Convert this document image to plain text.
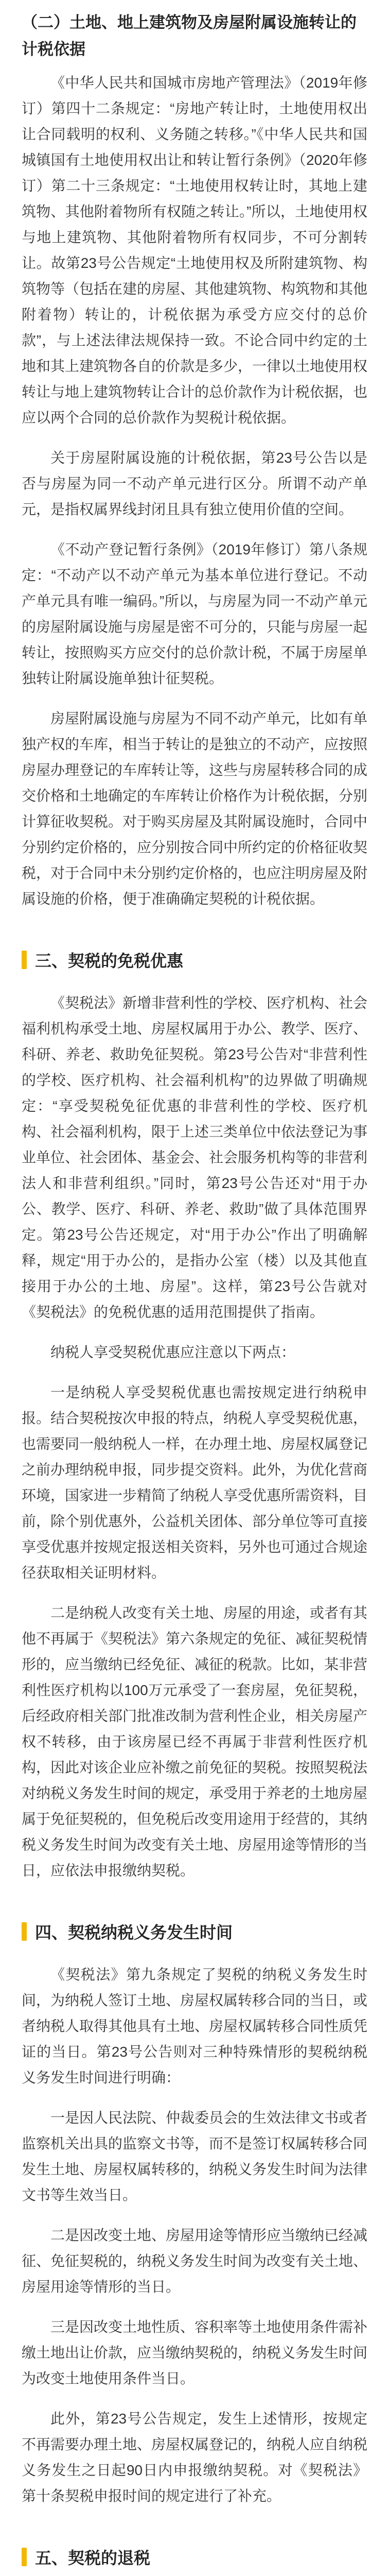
（二）土地、地上建筑物及房屋附属设施转让的计税依据

《中华人民共和国城市房地产管理法》（2019年修订）第四十二条规定：“房地产转让时，土地使用权出让合同载明的权利、义务随之转移。”《中华人民共和国城镇国有土地使用权出让和转让暂行条例》（2020年修订）第二十三条规定：“土地使用权转让时，其地上建筑物、其他附着物所有权随之转让。”所以，土地使用权与地上建筑物、其他附着物所有权同步，不可分割转让。故第23号公告规定“土地使用权及所附建筑物、构筑物等（包括在建的房屋、其他建筑物、构筑物和其他附着物）转让的，计税依据为承受方应交付的总价款”，与上述法律法规保持一致。不论合同中约定的土地和其上建筑物各自的价款是多少，一律以土地使用权转让与地上建筑物转让合计的总价款作为计税依据，也应以两个合同的总价款作为契税计税依据。

关于房屋附属设施的计税依据，第23号公告以是否与房屋为同一不动产单元进行区分。所谓不动产单元，是指权属界线封闭且具有独立使用价值的空间。

《不动产登记暂行条例》（2019年修订）第八条规定：“不动产以不动产单元为基本单位进行登记。不动产单元具有唯一编码。”所以，与房屋为同一不动产单元的房屋附属设施与房屋是密不可分的，只能与房屋一起转让，按照购买方应交付的总价款计税，不属于房屋单独转让附属设施单独计征契税。

房屋附属设施与房屋为不同不动产单元，比如有单独产权的车库，相当于转让的是独立的不动产，应按照房屋办理登记的车库转让等，这些与房屋转移合同的成交价格和土地确定的车库转让价格作为计税依据，分别计算征收契税。对于购买房屋及其附属设施时，合同中分别约定价格的，应分别按合同中所约定的价格征收契税，对于合同中未分别约定价格的，也应注明房屋及附属设施的价格，便于准确确定契税的计税依据。

三、契税的免税优惠

《契税法》新增非营利性的学校、医疗机构、社会福利机构承受土地、房屋权属用于办公、教学、医疗、科研、养老、救助免征契税。第23号公告对“非营利性的学校、医疗机构、社会福利机构”的边界做了明确规定：“享受契税免征优惠的非营利性的学校、医疗机构、社会福利机构，限于上述三类单位中依法登记为事业单位、社会团体、基金会、社会服务机构等的非营利法人和非营利组织。”同时，第23号公告还对“用于办公、教学、医疗、科研、养老、救助”做了具体范围界定。第23号公告还规定，对“用于办公”作出了明确解释，规定“用于办公的，是指办公室（楼）以及其他直接用于办公的土地、房屋”。这样，第23号公告就对《契税法》的免税优惠的适用范围提供了指南。

纳税人享受契税优惠应注意以下两点：

一是纳税人享受契税优惠也需按规定进行纳税申报。结合契税按次申报的特点，纳税人享受契税优惠，也需要同一般纳税人一样，在办理土地、房屋权属登记之前办理纳税申报，同步提交资料。此外，为优化营商环境，国家进一步精简了纳税人享受优惠所需资料，目前，除个别优惠外，公益机关团体、部分单位等可直接享受优惠并按规定报送相关资料，另外也可通过合规途径获取相关证明材料。

二是纳税人改变有关土地、房屋的用途，或者有其他不再属于《契税法》第六条规定的免征、减征契税情形的，应当缴纳已经免征、减征的税款。比如，某非营利性医疗机构以100万元承受了一套房屋，免征契税，后经政府相关部门批准改制为营利性企业，相关房屋产权不转移，由于该房屋已经不再属于非营利性医疗机构，因此对该企业应补缴之前免征的契税。按照契税法对纳税义务发生时间的规定，承受用于养老的土地房屋属于免征契税的，但免税后改变用途用于经营的，其纳税义务发生时间为改变有关土地、房屋用途等情形的当日，应依法申报缴纳契税。

四、契税纳税义务发生时间

《契税法》第九条规定了契税的纳税义务发生时间，为纳税人签订土地、房屋权属转移合同的当日，或者纳税人取得其他具有土地、房屋权属转移合同性质凭证的当日。第23号公告则对三种特殊情形的契税纳税义务发生时间进行明确：

一是因人民法院、仲裁委员会的生效法律文书或者监察机关出具的监察文书等，而不是签订权属转移合同发生土地、房屋权属转移的，纳税义务发生时间为法律文书等生效当日。

二是因改变土地、房屋用途等情形应当缴纳已经减征、免征契税的，纳税义务发生时间为改变有关土地、房屋用途等情形的当日。

三是因改变土地性质、容积率等土地使用条件需补缴土地出让价款，应当缴纳契税的，纳税义务发生时间为改变土地使用条件当日。

此外，第23号公告规定，发生上述情形，按规定不再需要办理土地、房屋权属登记的，纳税人应自纳税义务发生之日起90日内申报缴纳契税。对《契税法》第十条契税申报时间的规定进行了补充。

五、契税的退税
